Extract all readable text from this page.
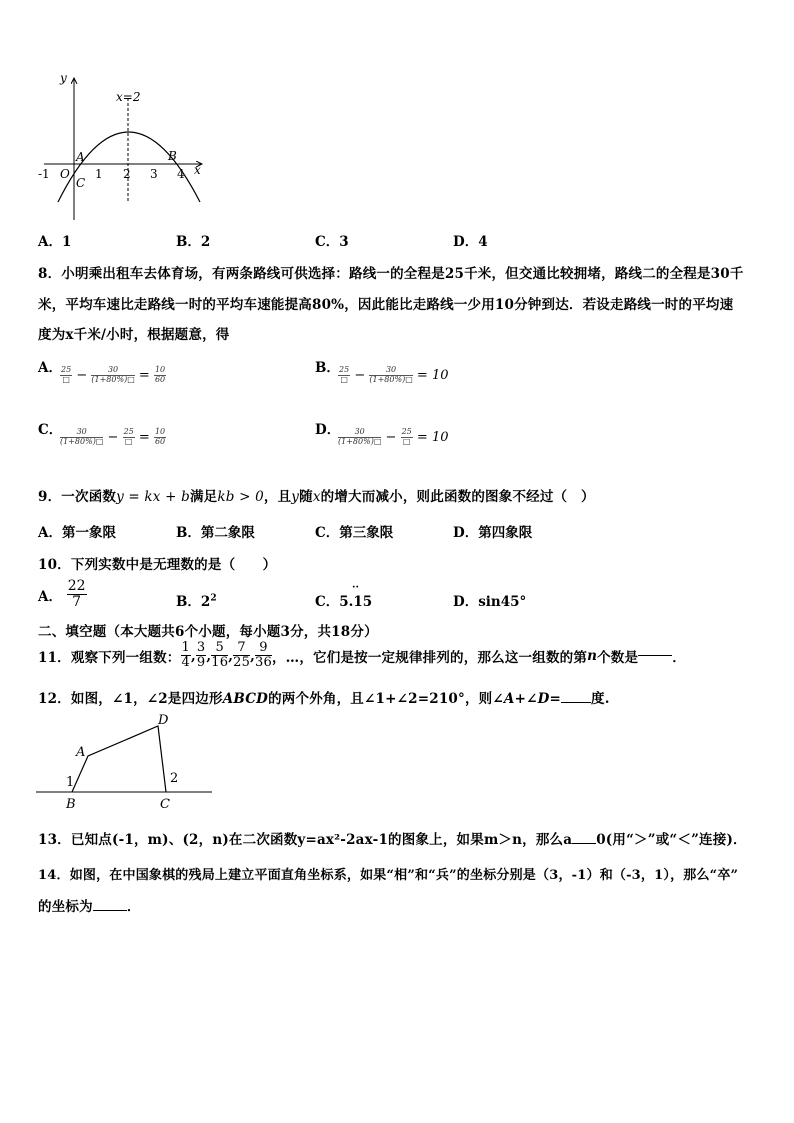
y
x
x=2
A	B
C
O
-1	1 2 3 4
A．1	B．2	C．3	D．4
8．小明乘出租车去体育场，有两条路线可供选择：路线一的全程是25千米，但交通比较拥堵，路线二的全程是30千
米，平均车速比走路线一时的平均车速能提高80%，因此能比走路线一少用10分钟到达．若设走路线一时的平均速
度为x千米/小时，根据题意，得
A．
$\frac{25}{□} - \frac{30}{(1+80\%)□} = \frac{10}{60}$	B．
$\frac{25}{□} - \frac{30}{(1+80\%)□} = 10$
C．
$\frac{30}{(1+80\%)□} - \frac{25}{□} = \frac{10}{60}$	D．
$\frac{30}{(1+80\%)□} - \frac{25}{□} = 10$
9．一次函数y = kx + b满足kb > 0，且y随x的增大而减小，则此函数的图象不经过（　）
A．第一象限	B．第二象限	C．第三象限	D．第四象限
10．下列实数中是无理数的是（　　）
A． $\frac{22}{7}$	B．$2^2$	C．5.15
··
D．sin45°
二、填空题（本大题共6个小题，每小题3分，共18分）
11．观察下列一组数： $\frac{1}{4}$ , $\frac{3}{9}$ , $\frac{5}{16}$ , $\frac{7}{25}$ , $\frac{9}{36}$ ，…，它们是按一定规律排列的，那么这一组数的第n个数是	．
12．如图，∠1，∠2是四边形ABCD的两个外角，且∠1+∠2=210°，则∠A+∠D= 度.
A
B	C
D
1	2
13．已知点(-1，m)、(2，n)在二次函数y=ax²-2ax-1的图象上，如果m＞n，那么a 0(用“＞”或“＜”连接)．
14．如图，在中国象棋的残局上建立平面直角坐标系，如果“相”和“兵”的坐标分别是（3，-1）和（-3，1），那么“卒”
的坐标为	．
